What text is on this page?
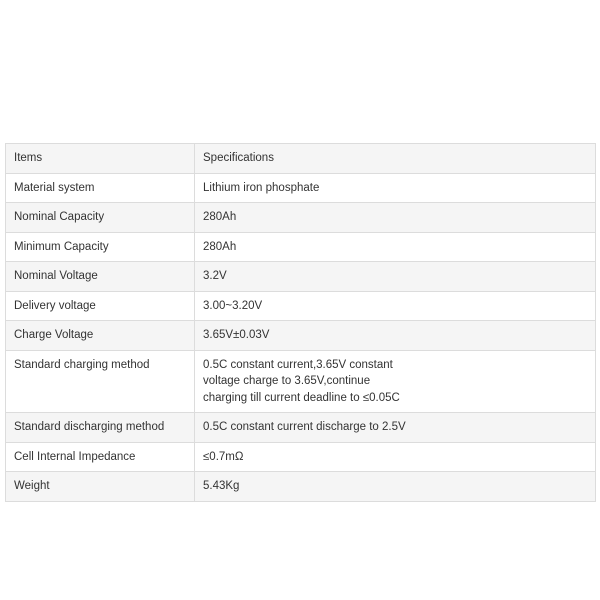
Items	Specifications
Material system	Lithium iron phosphate
Nominal Capacity	280Ah
Minimum Capacity	280Ah
Nominal Voltage	3.2V
Delivery voltage	3.00~3.20V
Charge Voltage	3.65V±0.03V
Standard charging method	0.5C constant current,3.65V constant
voltage charge to 3.65V,continue
charging till current deadline to ≤0.05C
Standard discharging method	0.5C constant current discharge to 2.5V
Cell Internal Impedance	≤0.7mΩ
Weight	5.43Kg
